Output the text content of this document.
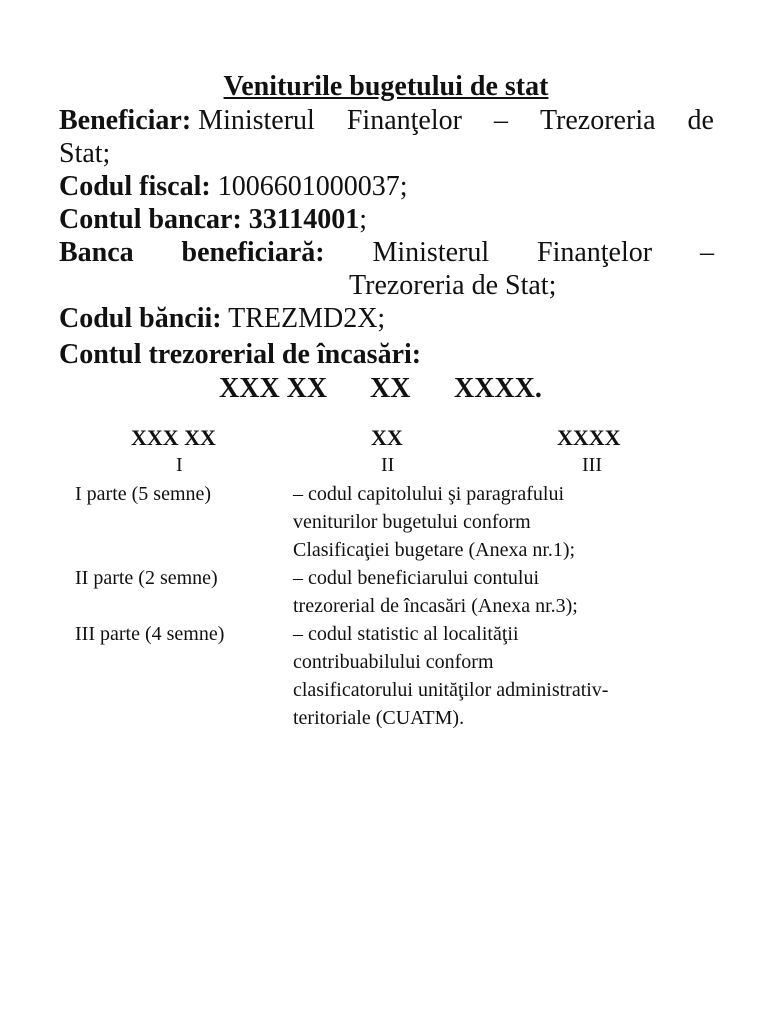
Veniturile bugetului de stat
Beneficiar: Ministerul Finanţelor – Trezoreria de
Stat;
Codul fiscal: 1006601000037;
Contul bancar: 33114001;
Banca beneficiară: Ministerul Finanţelor –
Trezoreria de Stat;
Codul băncii: TREZMD2X;
Contul trezorerial de încasări:
XXX XX XX XXXX.
XXX XX	XX	XXXX
I	II	III
I parte (5 semne)	– codul capitolului şi paragrafului
veniturilor bugetului conform
Clasificaţiei bugetare (Anexa nr.1);
II parte (2 semne)	– codul beneficiarului contului
trezorerial de încasări (Anexa nr.3);
III parte (4 semne)	– codul statistic al localităţii
contribuabilului conform
clasificatorului unităţilor administrativ-
teritoriale (CUATM).
